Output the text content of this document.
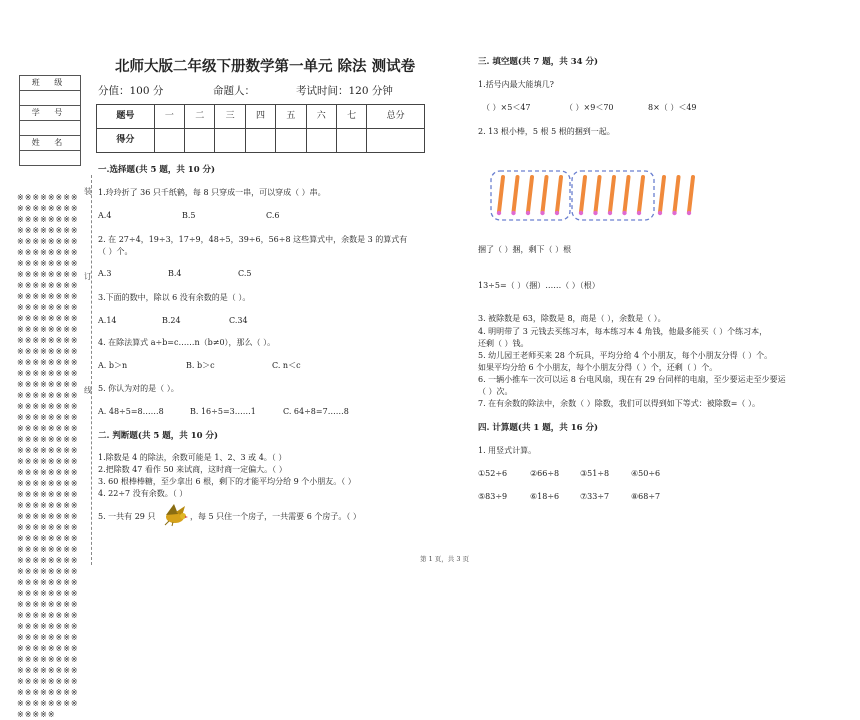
班 级

学 号

姓 名

※※※※※※※※※※※※※※※※※※※※※※※※※※※※※※※※※※※※※※※※※※※※※※※※※※※※※※※※※※※※※※※※※※※※※※※※※※※※※※※※※※※※※※※※※※※※※※※※※※※※※※※※※※※※※※※※※※※※※※※※※※※※※※※※※※※※※※※※※※※※※※※※※※※※※※※※※※※※※※※※※※※※※※※※※※※※※※※※※※※※※※※※※※※※※※※※※※※※※※※※※※※※※※※※※※※※※※※※※※※※※※※※※※※※※※※※※※※※※※※※※※※※※※※※※※※※※※※※※※※※※※※※※※※※※※※※※※※※※※※※※※※※※※※※※※※※※※※※※※※※※※※※※※※※※※※※※※※※※※※※※※※※※※※※※※※※※※※※※※※※※※※※※※※※※※※※※※※※※※※※※※※※※※※※※※※※※※※※※※※※※
装
订
线
北师大版二年级下册数学第一单元 除法 测试卷
分值：100 分	命题人：	考试时间：120 分钟
题号	一	二	三	四	五	六	七	总分
得分								
一.选择题(共 5 题，共 10 分)
1.玲玲折了 36 只千纸鹤，每 8 只穿成一串，可以穿成（ ）串。
A.4	B.5	C.6
2. 在 27÷4，19÷3，17÷9，48÷5，39÷6，56÷8 这些算式中，余数是 3 的算式有
（ ）个。
A.3	B.4	C.5
3.下面的数中，除以 6 没有余数的是（ ）。
A.14	B.24	C.34
4. 在除法算式 a÷b=c……n（b≠0），那么（ ）。
A. b＞n	B. b＞c	C. n＜c
5. 你认为对的是（ ）。
A. 48÷5=8……8	B. 16÷5=3……1	C. 64÷8=7……8
二. 判断题(共 5 题，共 10 分)
1.除数是 4 的除法，余数可能是 1、2、3 或 4。（ ）
2.把除数 47 看作 50 来试商，这时商一定偏大。（ ）
3. 60 根棒棒糖，至少拿出 6 根，剩下的才能平均分给 9 个小朋友。（ ）
4. 22÷7 没有余数。（ ）
5. 一共有 29 只	，每 5 只住一个房子，一共需要 6 个房子。（ ）
三. 填空题(共 7 题，共 34 分)
1.括号内最大能填几?
（ ）×5＜47	（ ）×9＜70	8×（ ）＜49
2. 13 根小棒，5 根 5 根的捆到一起。
捆了（ ）捆，剩下（ ）根
13÷5=（ ）（捆）……（ ）（根）
3. 被除数是 63，除数是 8，商是（ ），余数是（ ）。
4. 明明带了 3 元钱去买练习本，每本练习本 4 角钱，他最多能买（ ）个练习本，
还剩（ ）钱。
5. 幼儿园王老师买来 28 个玩具，平均分给 4 个小朋友，每个小朋友分得（ ）个。
如果平均分给 6 个小朋友，每个小朋友分得（ ）个，还剩（ ）个。
6. 一辆小推车一次可以运 8 台电风扇，现在有 29 台同样的电扇，至少要运走至少要运
（ ）次。
7. 在有余数的除法中，余数（ ）除数，我们可以得到如下等式：被除数=（ ）。
四. 计算题(共 1 题，共 16 分)
1. 用竖式计算。
①52÷6	②66÷8	③51÷8	④50÷6
⑤83÷9	⑥18÷6	⑦33÷7	⑧68÷7
第 1 页，共 3 页
